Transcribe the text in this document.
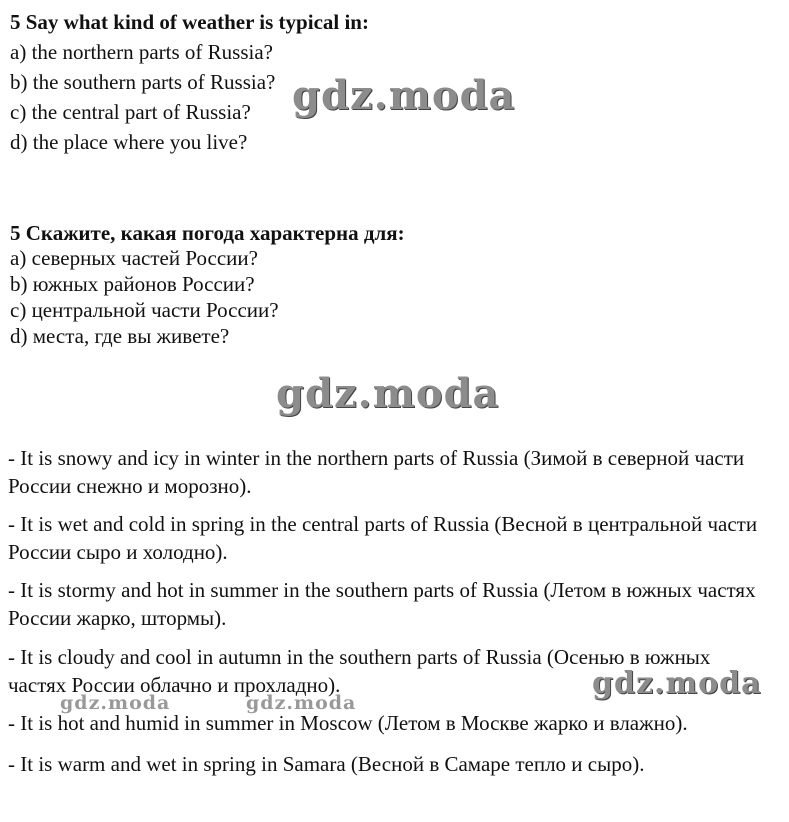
5 Say what kind of weather is typical in:
a) the northern parts of Russia?
b) the southern parts of Russia?
c) the central part of Russia?
d) the place where you live?
5 Скажите, какая погода характерна для:
a) северных частей России?
b) южных районов России?
c) центральной части России?
d) места, где вы живете?
- It is snowy and icy in winter in the northern parts of Russia (Зимой в северной части России снежно и морозно).
- It is wet and cold in spring in the central parts of Russia (Весной в центральной части России сыро и холодно).
- It is stormy and hot in summer in the southern parts of Russia (Летом в южных частях России жарко, штормы).
- It is cloudy and cool in autumn in the southern parts of Russia (Осенью в южных частях России облачно и прохладно).
- It is hot and humid in summer in Moscow (Летом в Москве жарко и влажно).
- It is warm and wet in spring in Samara (Весной в Самаре тепло и сыро).
gdz.moda
gdz.moda
gdz.moda	gdz.moda
gdz.moda
